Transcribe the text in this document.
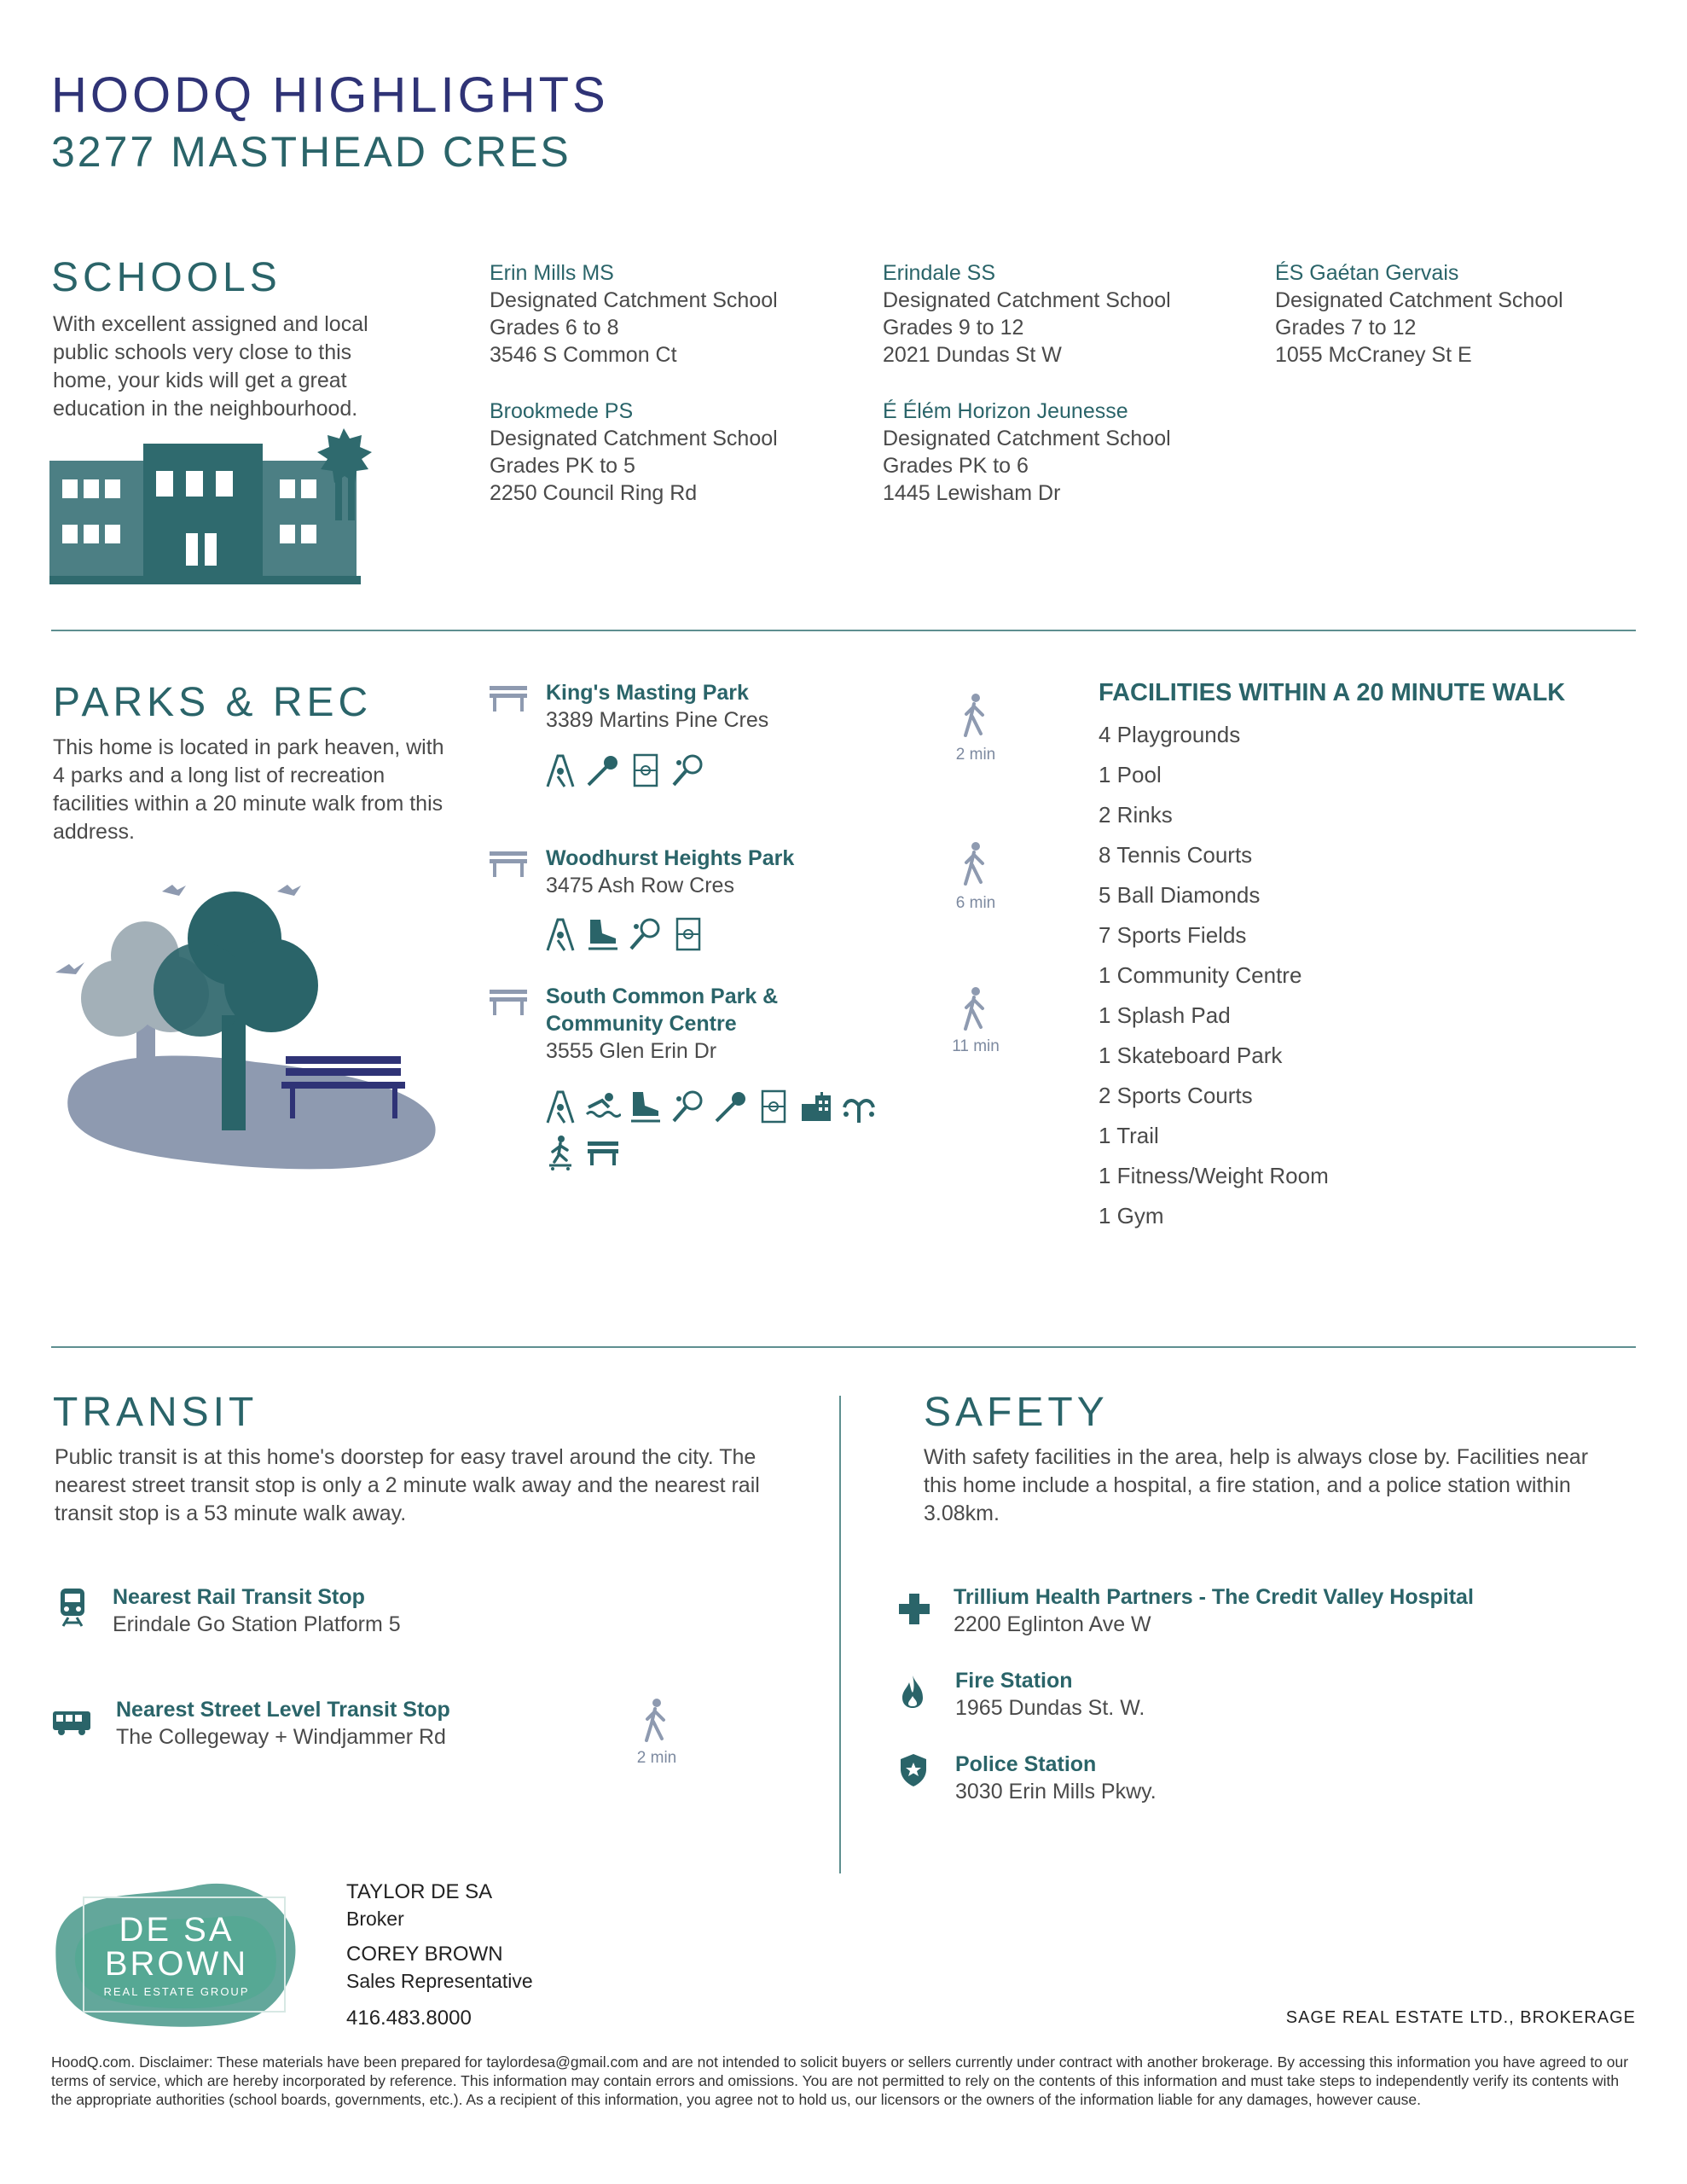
HOODQ HIGHLIGHTS
3277 MASTHEAD CRES
SCHOOLS
With excellent assigned and local public schools very close to this home, your kids will get a great education in the neighbourhood.
Erin Mills MS
Designated Catchment School
Grades 6 to 8
3546 S Common Ct
Erindale SS
Designated Catchment School
Grades 9 to 12
2021 Dundas St W
ÉS Gaétan Gervais
Designated Catchment School
Grades 7 to 12
1055 McCraney St E
Brookmede PS
Designated Catchment School
Grades PK to 5
2250 Council Ring Rd
É Élém Horizon Jeunesse
Designated Catchment School
Grades PK to 6
1445 Lewisham Dr
PARKS & REC
This home is located in park heaven, with 4 parks and a long list of recreation facilities within a 20 minute walk from this address.
King's Masting Park
3389 Martins Pine Cres
2 min
Woodhurst Heights Park
3475 Ash Row Cres
6 min
South Common Park &
Community Centre
3555 Glen Erin Dr	11 min
FACILITIES WITHIN A 20 MINUTE WALK
4 Playgrounds
1 Pool
2 Rinks
8 Tennis Courts
5 Ball Diamonds
7 Sports Fields
1 Community Centre
1 Splash Pad
1 Skateboard Park
2 Sports Courts
1 Trail
1 Fitness/Weight Room
1 Gym
TRANSIT
Public transit is at this home's doorstep for easy travel around the city. The nearest street transit stop is only a 2 minute walk away and the nearest rail transit stop is a 53 minute walk away.
Nearest Rail Transit Stop
Erindale Go Station Platform 5
Nearest Street Level Transit Stop
The Collegeway + Windjammer Rd
2 min
SAFETY
With safety facilities in the area, help is always close by. Facilities near this home include a hospital, a fire station, and a police station within 3.08km.
Trillium Health Partners - The Credit Valley Hospital
2200 Eglinton Ave W
Fire Station
1965 Dundas St. W.
Police Station
3030 Erin Mills Pkwy.
DE SA
BROWN
REAL ESTATE GROUP
TAYLOR DE SA
Broker
COREY BROWN
Sales Representative
416.483.8000	SAGE REAL ESTATE LTD., BROKERAGE
HoodQ.com. Disclaimer: These materials have been prepared for taylordesa@gmail.com and are not intended to solicit buyers or sellers currently under contract with another brokerage. By accessing this information you have agreed to our terms of service, which are hereby incorporated by reference. This information may contain errors and omissions. You are not permitted to rely on the contents of this information and must take steps to independently verify its contents with the appropriate authorities (school boards, governments, etc.). As a recipient of this information, you agree not to hold us, our licensors or the owners of the information liable for any damages, however cause.
